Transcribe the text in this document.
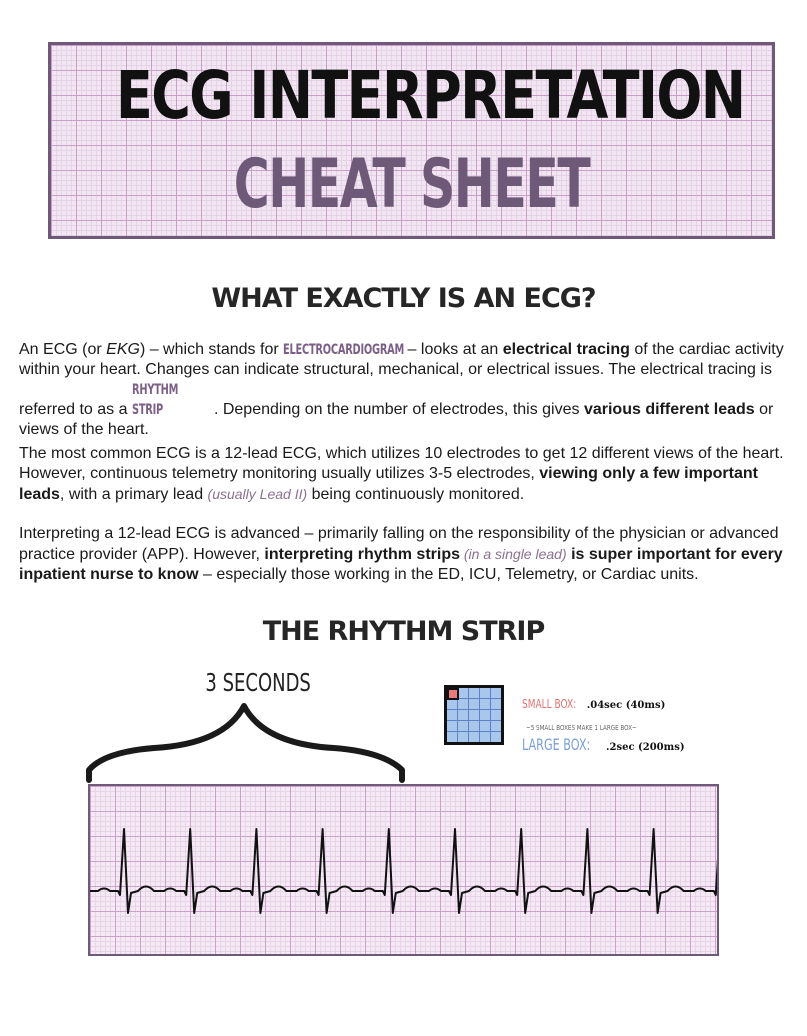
ECG INTERPRETATION
CHEAT SHEET
WHAT EXACTLY IS AN ECG?
An ECG (or EKG) – which stands for ELECTROCARDIOGRAM – looks at an electrical tracing of the cardiac activity within your heart. Changes can indicate structural, mechanical, or electrical issues. The electrical tracing is referred to as a RHYTHM STRIP	. Depending on the number of electrodes, this gives various different leads or views of the heart.
The most common ECG is a 12-lead ECG, which utilizes 10 electrodes to get 12 different views of the heart. However, continuous telemetry monitoring usually utilizes 3-5 electrodes, viewing only a few important leads, with a primary lead (usually Lead II) being continuously monitored.
Interpreting a 12-lead ECG is advanced – primarily falling on the responsibility of the physician or advanced practice provider (APP). However, interpreting rhythm strips (in a single lead) is super important for every inpatient nurse to know – especially those working in the ED, ICU, Telemetry, or Cardiac units.
THE RHYTHM STRIP
3 SECONDS
SMALL BOX: .04sec (40ms)
~5 SMALL BOXES MAKE 1 LARGE BOX~
LARGE BOX: .2sec (200ms)
